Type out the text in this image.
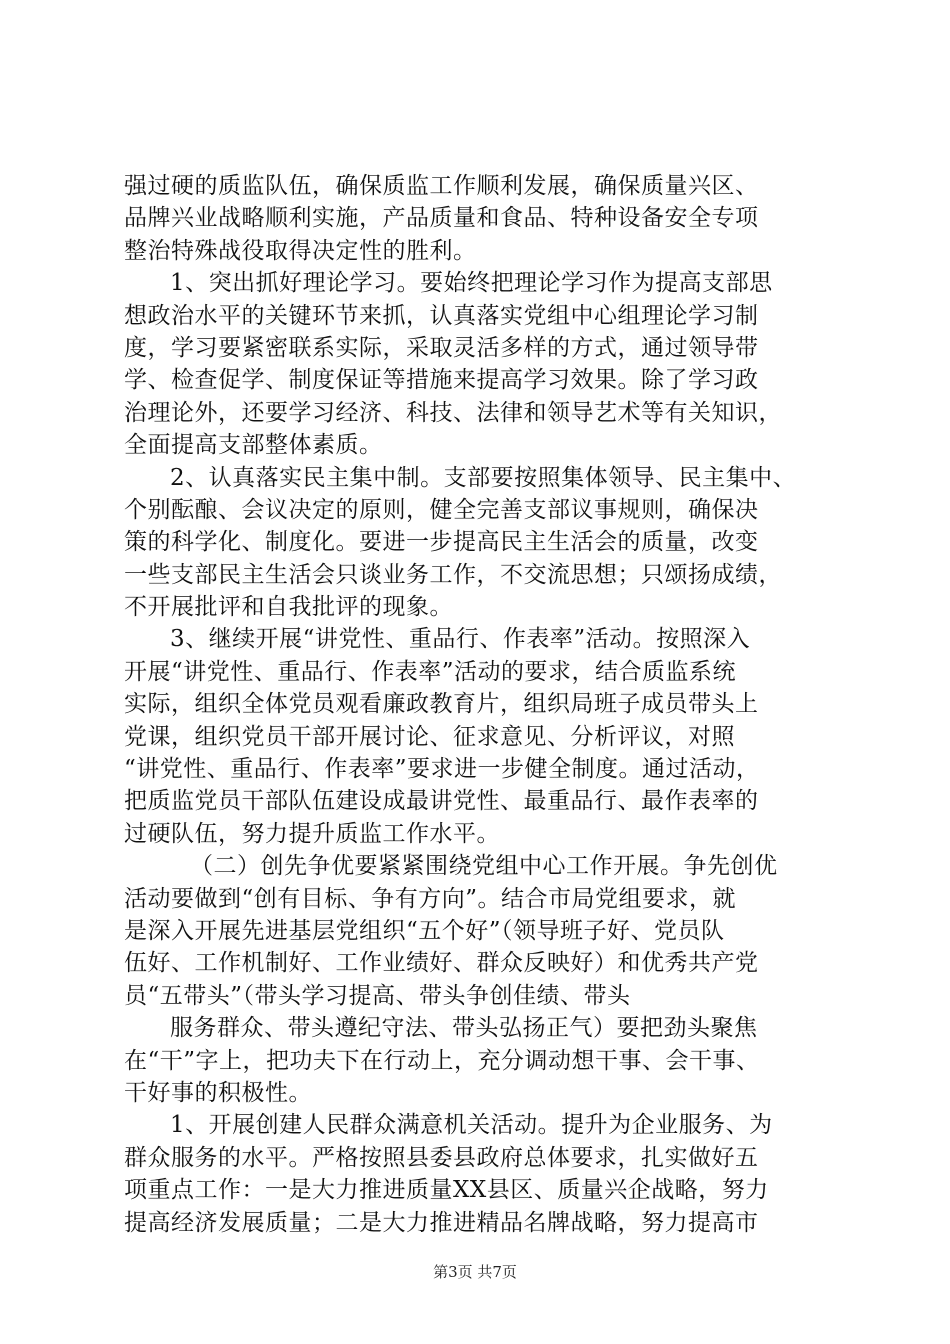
强过硬的质监队伍，确保质监工作顺利发展，确保质量兴区、
品牌兴业战略顺利实施，产品质量和食品、特种设备安全专项
整治特殊战役取得决定性的胜利。
1、突出抓好理论学习。要始终把理论学习作为提高支部思
想政治水平的关键环节来抓，认真落实党组中心组理论学习制
度，学习要紧密联系实际，采取灵活多样的方式，通过领导带
学、检查促学、制度保证等措施来提高学习效果。除了学习政
治理论外，还要学习经济、科技、法律和领导艺术等有关知识，
全面提高支部整体素质。
2、认真落实民主集中制。支部要按照集体领导、民主集中、
个别酝酿、会议决定的原则，健全完善支部议事规则，确保决
策的科学化、制度化。要进一步提高民主生活会的质量，改变
一些支部民主生活会只谈业务工作，不交流思想；只颂扬成绩，
不开展批评和自我批评的现象。
3、继续开展“讲党性、重品行、作表率”活动。按照深入
开展“讲党性、重品行、作表率”活动的要求，结合质监系统
实际，组织全体党员观看廉政教育片，组织局班子成员带头上
党课，组织党员干部开展讨论、征求意见、分析评议，对照
“讲党性、重品行、作表率”要求进一步健全制度。通过活动，
把质监党员干部队伍建设成最讲党性、最重品行、最作表率的
过硬队伍，努力提升质监工作水平。
（二）创先争优要紧紧围绕党组中心工作开展。争先创优
活动要做到“创有目标、争有方向”。结合市局党组要求，就
是深入开展先进基层党组织“五个好”（领导班子好、党员队
伍好、工作机制好、工作业绩好、群众反映好）和优秀共产党
员“五带头”（带头学习提高、带头争创佳绩、带头
服务群众、带头遵纪守法、带头弘扬正气）要把劲头聚焦
在“干”字上，把功夫下在行动上，充分调动想干事、会干事、
干好事的积极性。
1、开展创建人民群众满意机关活动。提升为企业服务、为
群众服务的水平。严格按照县委县政府总体要求，扎实做好五
项重点工作：一是大力推进质量XX县区、质量兴企战略，努力
提高经济发展质量；二是大力推进精品名牌战略，努力提高市
第3页 共7页
